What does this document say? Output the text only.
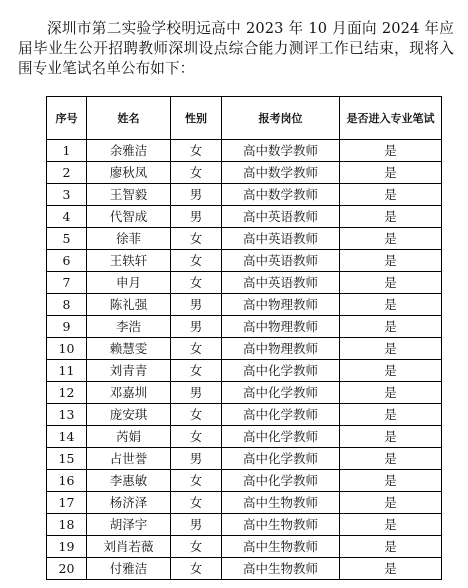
深圳市第二实验学校明远高中 2023 年 10 月面向 2024 年应届毕业生公开招聘教师深圳设点综合能力测评工作已结束，现将入围专业笔试名单公布如下：

序号	姓名	性别	报考岗位	是否进入专业笔试
1	余雅洁	女	高中数学教师	是
2	廖秋凤	女	高中数学教师	是
3	王智毅	男	高中数学教师	是
4	代智成	男	高中英语教师	是
5	徐菲	女	高中英语教师	是
6	王轶轩	女	高中英语教师	是
7	申月	女	高中英语教师	是
8	陈礼强	男	高中物理教师	是
9	李浩	男	高中物理教师	是
10	赖慧雯	女	高中物理教师	是
11	刘青青	女	高中化学教师	是
12	邓嘉圳	男	高中化学教师	是
13	庞安琪	女	高中化学教师	是
14	芮娟	女	高中化学教师	是
15	占世誉	男	高中化学教师	是
16	李惠敏	女	高中化学教师	是
17	杨济泽	女	高中生物教师	是
18	胡泽宇	男	高中生物教师	是
19	刘肖若薇	女	高中生物教师	是
20	付雅洁	女	高中生物教师	是
